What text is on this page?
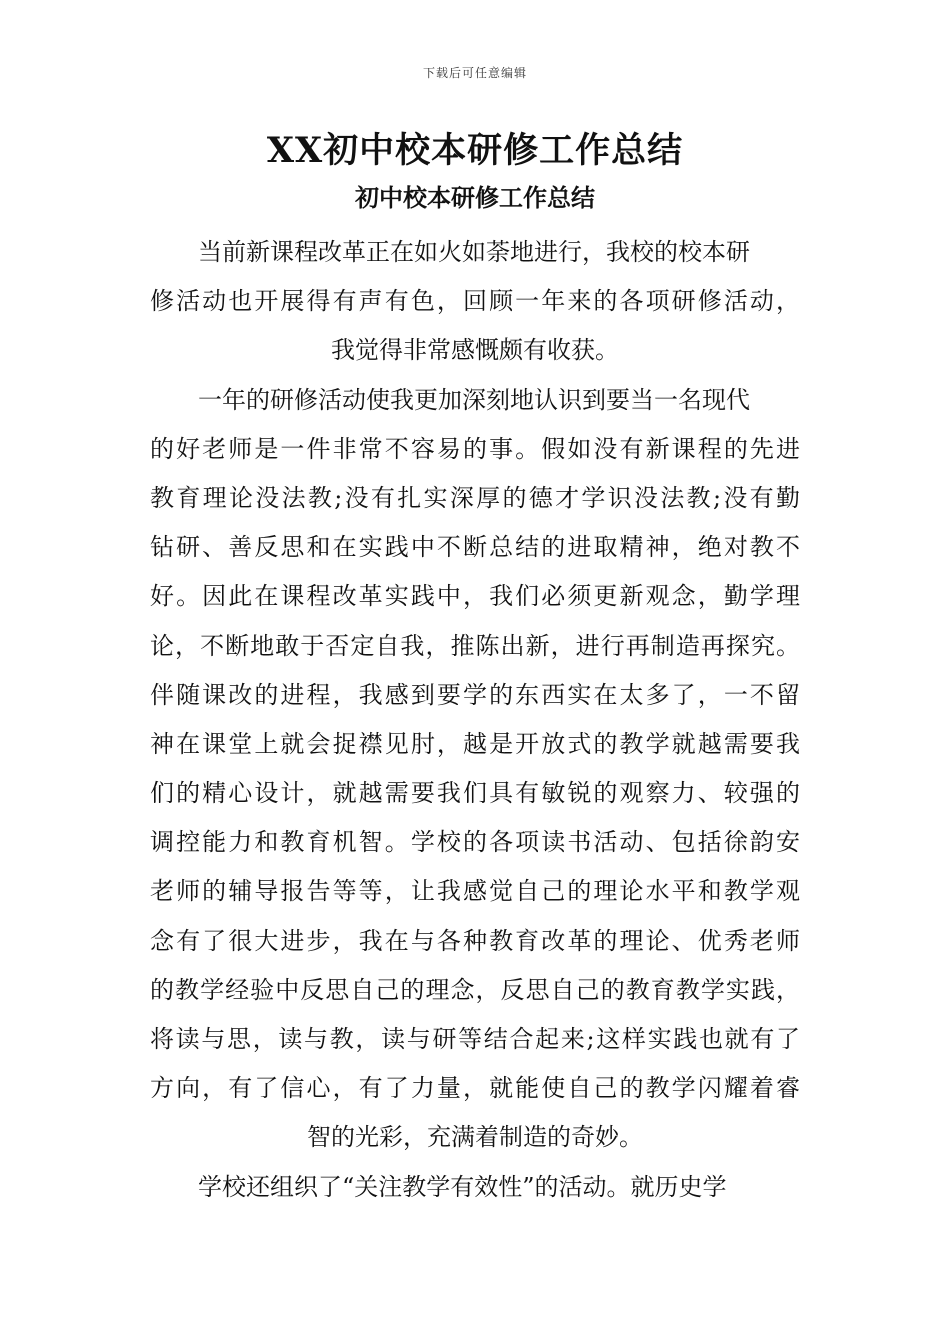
下载后可任意编辑
XX初中校本研修工作总结
初中校本研修工作总结
当前新课程改革正在如火如荼地进行，我校的校本研
修活动也开展得有声有色，回顾一年来的各项研修活动，
我觉得非常感慨颇有收获。
一年的研修活动使我更加深刻地认识到要当一名现代
的好老师是一件非常不容易的事。假如没有新课程的先进
教育理论没法教;没有扎实深厚的德才学识没法教;没有勤
钻研、善反思和在实践中不断总结的进取精神，绝对教不
好。因此在课程改革实践中，我们必须更新观念，勤学理
论，不断地敢于否定自我，推陈出新，进行再制造再探究。
伴随课改的进程，我感到要学的东西实在太多了，一不留
神在课堂上就会捉襟见肘，越是开放式的教学就越需要我
们的精心设计，就越需要我们具有敏锐的观察力、较强的
调控能力和教育机智。学校的各项读书活动、包括徐韵安
老师的辅导报告等等，让我感觉自己的理论水平和教学观
念有了很大进步，我在与各种教育改革的理论、优秀老师
的教学经验中反思自己的理念，反思自己的教育教学实践，
将读与思，读与教，读与研等结合起来;这样实践也就有了
方向，有了信心，有了力量，就能使自己的教学闪耀着睿
智的光彩，充满着制造的奇妙。
学校还组织了“关注教学有效性”的活动。就历史学
